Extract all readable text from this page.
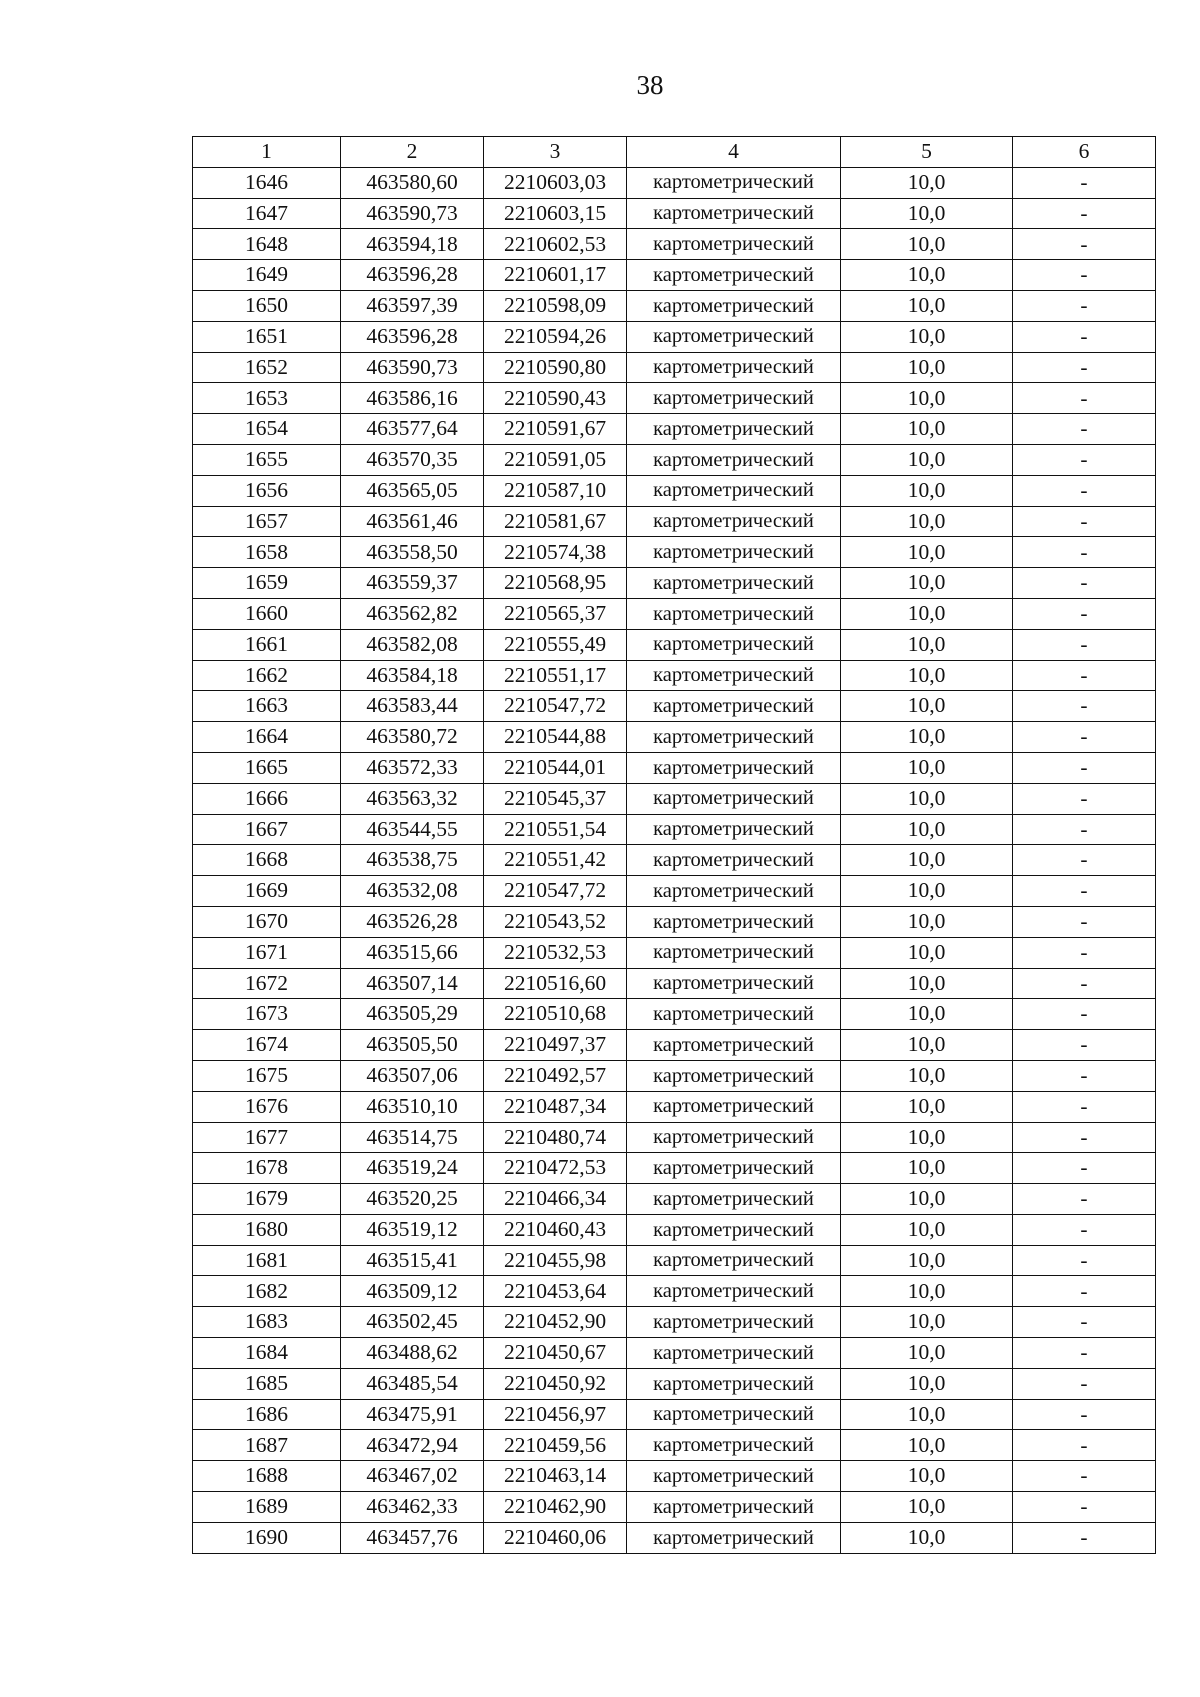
38
1	2	3	4	5	6
1646	463580,60	2210603,03	картометрический	10,0	-
1647	463590,73	2210603,15	картометрический	10,0	-
1648	463594,18	2210602,53	картометрический	10,0	-
1649	463596,28	2210601,17	картометрический	10,0	-
1650	463597,39	2210598,09	картометрический	10,0	-
1651	463596,28	2210594,26	картометрический	10,0	-
1652	463590,73	2210590,80	картометрический	10,0	-
1653	463586,16	2210590,43	картометрический	10,0	-
1654	463577,64	2210591,67	картометрический	10,0	-
1655	463570,35	2210591,05	картометрический	10,0	-
1656	463565,05	2210587,10	картометрический	10,0	-
1657	463561,46	2210581,67	картометрический	10,0	-
1658	463558,50	2210574,38	картометрический	10,0	-
1659	463559,37	2210568,95	картометрический	10,0	-
1660	463562,82	2210565,37	картометрический	10,0	-
1661	463582,08	2210555,49	картометрический	10,0	-
1662	463584,18	2210551,17	картометрический	10,0	-
1663	463583,44	2210547,72	картометрический	10,0	-
1664	463580,72	2210544,88	картометрический	10,0	-
1665	463572,33	2210544,01	картометрический	10,0	-
1666	463563,32	2210545,37	картометрический	10,0	-
1667	463544,55	2210551,54	картометрический	10,0	-
1668	463538,75	2210551,42	картометрический	10,0	-
1669	463532,08	2210547,72	картометрический	10,0	-
1670	463526,28	2210543,52	картометрический	10,0	-
1671	463515,66	2210532,53	картометрический	10,0	-
1672	463507,14	2210516,60	картометрический	10,0	-
1673	463505,29	2210510,68	картометрический	10,0	-
1674	463505,50	2210497,37	картометрический	10,0	-
1675	463507,06	2210492,57	картометрический	10,0	-
1676	463510,10	2210487,34	картометрический	10,0	-
1677	463514,75	2210480,74	картометрический	10,0	-
1678	463519,24	2210472,53	картометрический	10,0	-
1679	463520,25	2210466,34	картометрический	10,0	-
1680	463519,12	2210460,43	картометрический	10,0	-
1681	463515,41	2210455,98	картометрический	10,0	-
1682	463509,12	2210453,64	картометрический	10,0	-
1683	463502,45	2210452,90	картометрический	10,0	-
1684	463488,62	2210450,67	картометрический	10,0	-
1685	463485,54	2210450,92	картометрический	10,0	-
1686	463475,91	2210456,97	картометрический	10,0	-
1687	463472,94	2210459,56	картометрический	10,0	-
1688	463467,02	2210463,14	картометрический	10,0	-
1689	463462,33	2210462,90	картометрический	10,0	-
1690	463457,76	2210460,06	картометрический	10,0	-
